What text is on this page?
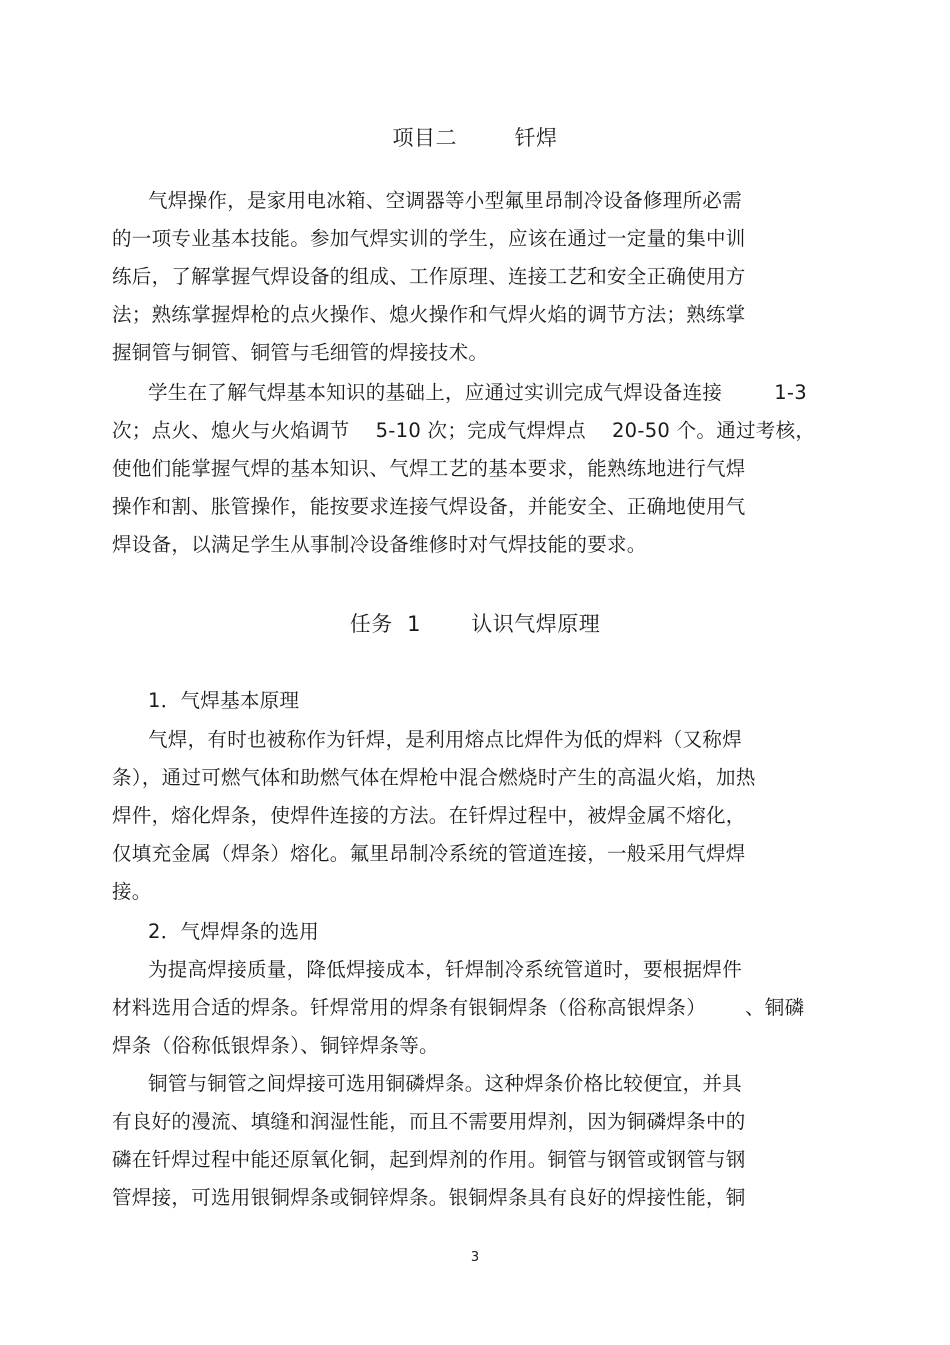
项目二        钎焊
气焊操作，是家用电冰箱、空调器等小型氟里昂制冷设备修理所必需
的一项专业基本技能。参加气焊实训的学生，应该在通过一定量的集中训
练后，了解掌握气焊设备的组成、工作原理、连接工艺和安全正确使用方
法；熟练掌握焊枪的点火操作、熄火操作和气焊火焰的调节方法；熟练掌
握铜管与铜管、铜管与毛细管的焊接技术。
学生在了解气焊基本知识的基础上，应通过实训完成气焊设备连接        1-3
次；点火、熄火与火焰调节    5-10 次；完成气焊焊点    20-50 个。通过考核，
使他们能掌握气焊的基本知识、气焊工艺的基本要求，能熟练地进行气焊
操作和割、胀管操作，能按要求连接气焊设备，并能安全、正确地使用气
焊设备，以满足学生从事制冷设备维修时对气焊技能的要求。
任务  1       认识气焊原理
1．气焊基本原理
气焊，有时也被称作为钎焊，是利用熔点比焊件为低的焊料（又称焊
条），通过可燃气体和助燃气体在焊枪中混合燃烧时产生的高温火焰，加热
焊件，熔化焊条，使焊件连接的方法。在钎焊过程中，被焊金属不熔化，
仅填充金属（焊条）熔化。氟里昂制冷系统的管道连接，一般采用气焊焊
接。
2．气焊焊条的选用
为提高焊接质量，降低焊接成本，钎焊制冷系统管道时，要根据焊件
材料选用合适的焊条。钎焊常用的焊条有银铜焊条（俗称高银焊条）      、铜磷
焊条（俗称低银焊条）、铜锌焊条等。
铜管与铜管之间焊接可选用铜磷焊条。这种焊条价格比较便宜，并具
有良好的漫流、填缝和润湿性能，而且不需要用焊剂，因为铜磷焊条中的
磷在钎焊过程中能还原氧化铜，起到焊剂的作用。铜管与钢管或钢管与钢
管焊接，可选用银铜焊条或铜锌焊条。银铜焊条具有良好的焊接性能，铜
3
